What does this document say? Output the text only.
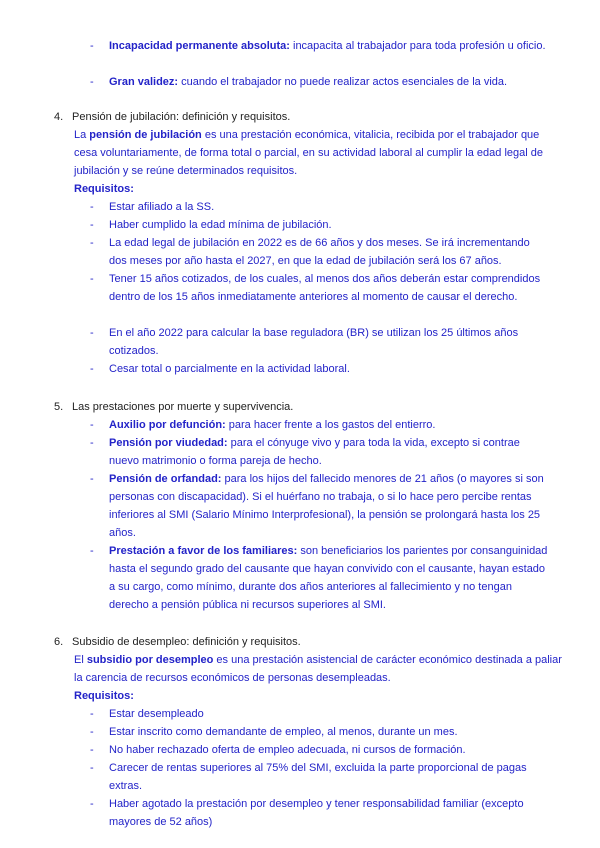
- Incapacidad permanente absoluta: incapacita al trabajador para toda profesión u oficio.
- Gran validez: cuando el trabajador no puede realizar actos esenciales de la vida.
4. Pensión de jubilación: definición y requisitos.
La pensión de jubilación es una prestación económica, vitalicia, recibida por el trabajador que cesa voluntariamente, de forma total o parcial, en su actividad laboral al cumplir la edad legal de jubilación y se reúne determinados requisitos.
Requisitos:
- Estar afiliado a la SS.
- Haber cumplido la edad mínima de jubilación.
- La edad legal de jubilación en 2022 es de 66 años y dos meses. Se irá incrementando dos meses por año hasta el 2027, en que la edad de jubilación será los 67 años.
- Tener 15 años cotizados, de los cuales, al menos dos años deberán estar comprendidos dentro de los 15 años inmediatamente anteriores al momento de causar el derecho.
- En el año 2022 para calcular la base reguladora (BR) se utilizan los 25 últimos años cotizados.
- Cesar total o parcialmente en la actividad laboral.
5. Las prestaciones por muerte y supervivencia.
- Auxilio por defunción: para hacer frente a los gastos del entierro.
- Pensión por viudedad: para el cónyuge vivo y para toda la vida, excepto si contrae nuevo matrimonio o forma pareja de hecho.
- Pensión de orfandad: para los hijos del fallecido menores de 21 años (o mayores si son personas con discapacidad). Si el huérfano no trabaja, o si lo hace pero percibe rentas inferiores al SMI (Salario Mínimo Interprofesional), la pensión se prolongará hasta los 25 años.
- Prestación a favor de los familiares: son beneficiarios los parientes por consanguinidad hasta el segundo grado del causante que hayan convivido con el causante, hayan estado a su cargo, como mínimo, durante dos años anteriores al fallecimiento y no tengan derecho a pensión pública ni recursos superiores al SMI.
6. Subsidio de desempleo: definición y requisitos.
El subsidio por desempleo es una prestación asistencial de carácter económico destinada a paliar la carencia de recursos económicos de personas desempleadas.
Requisitos:
- Estar desempleado
- Estar inscrito como demandante de empleo, al menos, durante un mes.
- No haber rechazado oferta de empleo adecuada, ni cursos de formación.
- Carecer de rentas superiores al 75% del SMI, excluida la parte proporcional de pagas extras.
- Haber agotado la prestación por desempleo y tener responsabilidad familiar (excepto mayores de 52 años)
